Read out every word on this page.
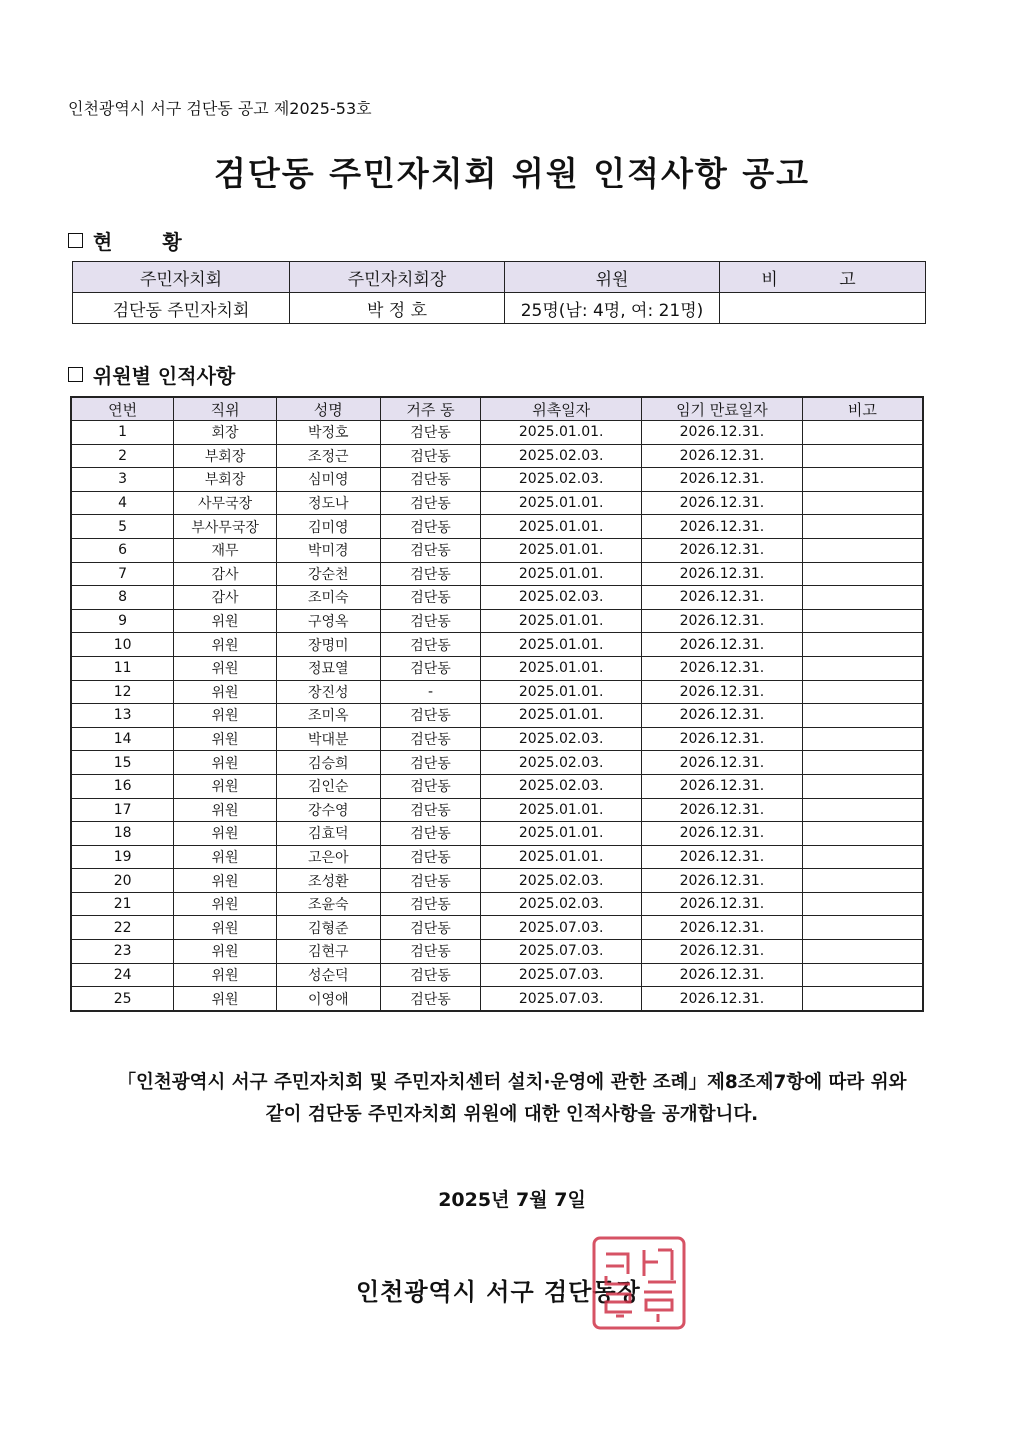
인천광역시 서구 검단동 공고 제2025-53호
검단동 주민자치회 위원 인적사항 공고
현 황
주민자치회	주민자치회장	위원	비 고
검단동 주민자치회	박 정 호	25명(남: 4명, 여: 21명)	
위원별 인적사항
연번	직위	성명	거주 동	위촉일자	임기 만료일자	비고
1	회장	박정호	검단동	2025.01.01.	2026.12.31.	
2	부회장	조정근	검단동	2025.02.03.	2026.12.31.	
3	부회장	심미영	검단동	2025.02.03.	2026.12.31.	
4	사무국장	정도나	검단동	2025.01.01.	2026.12.31.	
5	부사무국장	김미영	검단동	2025.01.01.	2026.12.31.	
6	재무	박미경	검단동	2025.01.01.	2026.12.31.	
7	감사	강순천	검단동	2025.01.01.	2026.12.31.	
8	감사	조미숙	검단동	2025.02.03.	2026.12.31.	
9	위원	구영옥	검단동	2025.01.01.	2026.12.31.	
10	위원	장명미	검단동	2025.01.01.	2026.12.31.	
11	위원	정묘열	검단동	2025.01.01.	2026.12.31.	
12	위원	장진성	-	2025.01.01.	2026.12.31.	
13	위원	조미옥	검단동	2025.01.01.	2026.12.31.	
14	위원	박대분	검단동	2025.02.03.	2026.12.31.	
15	위원	김승희	검단동	2025.02.03.	2026.12.31.	
16	위원	김인순	검단동	2025.02.03.	2026.12.31.	
17	위원	강수영	검단동	2025.01.01.	2026.12.31.	
18	위원	김효덕	검단동	2025.01.01.	2026.12.31.	
19	위원	고은아	검단동	2025.01.01.	2026.12.31.	
20	위원	조성환	검단동	2025.02.03.	2026.12.31.	
21	위원	조윤숙	검단동	2025.02.03.	2026.12.31.	
22	위원	김형준	검단동	2025.07.03.	2026.12.31.	
23	위원	김현구	검단동	2025.07.03.	2026.12.31.	
24	위원	성순덕	검단동	2025.07.03.	2026.12.31.	
25	위원	이영애	검단동	2025.07.03.	2026.12.31.	
「인천광역시 서구 주민자치회 및 주민자치센터 설치·운영에 관한 조례」제8조제7항에 따라 위와
같이 검단동 주민자치회 위원에 대한 인적사항을 공개합니다.
2025년 7월 7일
인천광역시 서구 검단동장
